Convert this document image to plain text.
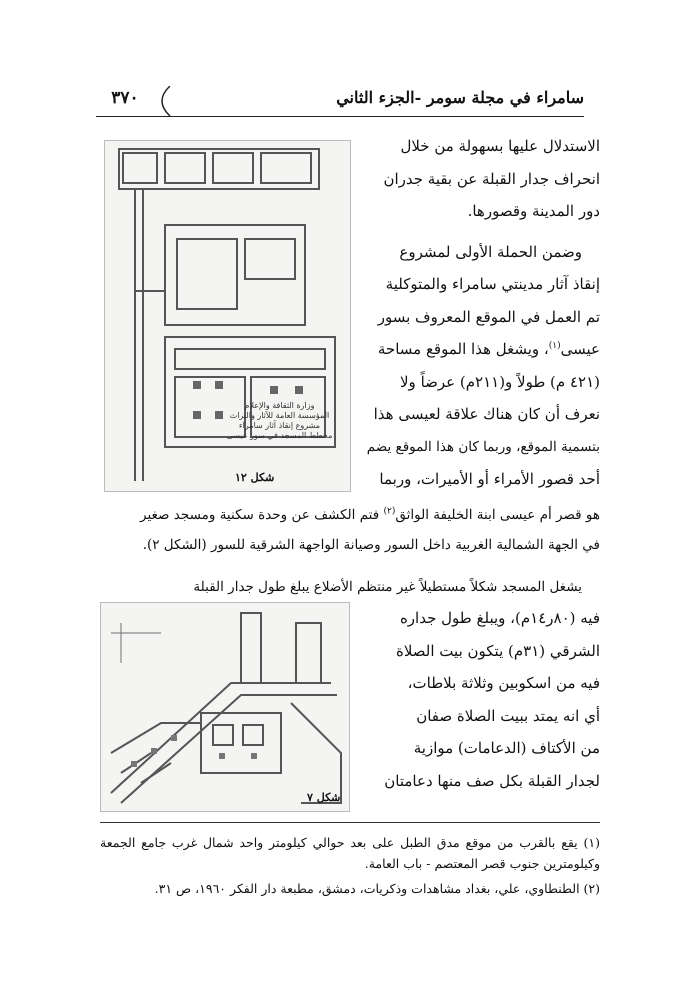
سامراء في مجلة سومر -الجزء الثاني
٣٧٠
وزارة الثقافة والإعلام
المؤسسة العامة للآثار والتراث
مشروع إنقاذ آثار سامراء
مخطط المسجد في سور عيسى
شكل ١٢

الاستدلال عليها بسهولة من خلال

انحراف جدار القبلة عن بقية جدران

دور المدينة وقصورها.

وضمن الحملة الأولى لمشروع

إنقاذ آثار مدينتي سامراء والمتوكلية

تم العمل في الموقع المعروف بسور

عيسى$^{(١)}$، ويشغل هذا الموقع مساحة

(٤٢١ م) طولاً و(٢١١م) عرضاً ولا

نعرف أن كان هناك علاقة لعيسى هذا

بتسمية الموقع، وربما كان هذا الموقع يضم

أحد قصور الأمراء أو الأميرات، وربما

هو قصر أم عيسى ابنة الخليفة الواثق$^{(٢)}$ فتم الكشف عن وحدة سكنية ومسجد صغير

في الجهة الشمالية الغربية داخل السور وصيانة الواجهة الشرقية للسور (الشكل ٢).

يشغل المسجد شكلاً مستطيلاً غير منتظم الأضلاع يبلغ طول جدار القبلة

شكل ٧

فيه (٨٠ر١٤م)، ويبلغ طول جداره

الشرقي (٣١م) يتكون بيت الصلاة

فيه من اسكوبين وثلاثة بلاطات،

أي انه يمتد ببيت الصلاة صفان

من الأكتاف (الدعامات) موازية

لجدار القبلة بكل صف منها دعامتان

(١) يقع بالقرب من موقع مدق الطبل على بعد حوالي كيلومتر واحد شمال غرب جامع الجمعة وكيلومترين جنوب قصر المعتصم - باب العامة.
(٢) الطنطاوي، علي، بغداد مشاهدات وذكريات، دمشق، مطبعة دار الفكر ١٩٦٠، ص ٣١.
